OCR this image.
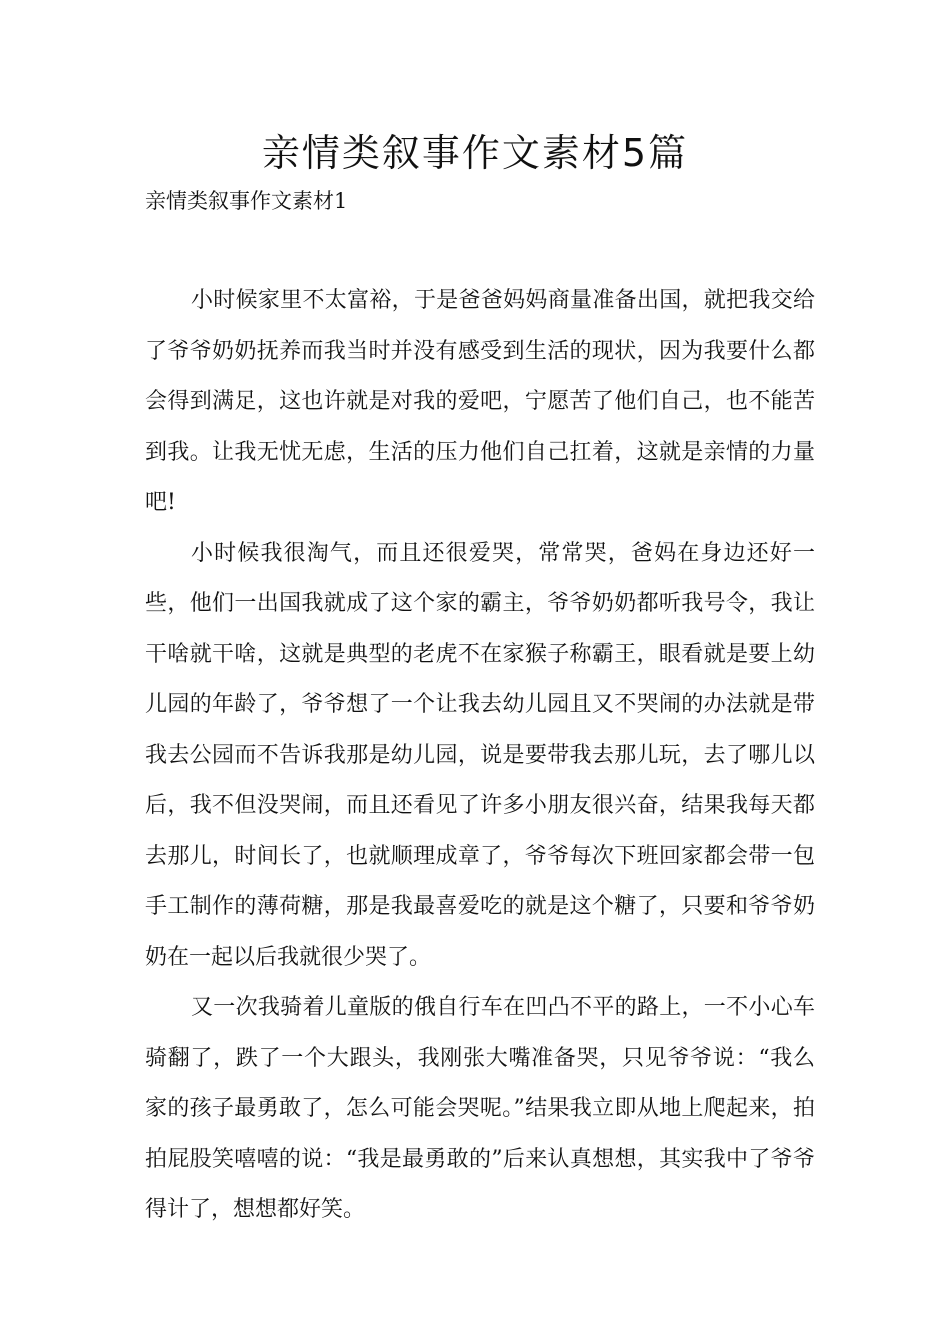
亲情类叙事作文素材5篇

亲情类叙事作文素材1

小时候家里不太富裕，于是爸爸妈妈商量准备出国，就把我交给了爷爷奶奶抚养而我当时并没有感受到生活的现状，因为我要什么都会得到满足，这也许就是对我的爱吧，宁愿苦了他们自己，也不能苦到我。让我无忧无虑，生活的压力他们自己扛着，这就是亲情的力量吧!

小时候我很淘气，而且还很爱哭，常常哭，爸妈在身边还好一些，他们一出国我就成了这个家的霸主，爷爷奶奶都听我号令，我让干啥就干啥，这就是典型的老虎不在家猴子称霸王，眼看就是要上幼儿园的年龄了，爷爷想了一个让我去幼儿园且又不哭闹的办法就是带我去公园而不告诉我那是幼儿园，说是要带我去那儿玩，去了哪儿以后，我不但没哭闹，而且还看见了许多小朋友很兴奋，结果我每天都去那儿，时间长了，也就顺理成章了，爷爷每次下班回家都会带一包手工制作的薄荷糖，那是我最喜爱吃的就是这个糖了，只要和爷爷奶奶在一起以后我就很少哭了。

又一次我骑着儿童版的俄自行车在凹凸不平的路上，一不小心车骑翻了，跌了一个大跟头，我刚张大嘴准备哭，只见爷爷说：“我么家的孩子最勇敢了，怎么可能会哭呢。”结果我立即从地上爬起来，拍拍屁股笑嘻嘻的说：“我是最勇敢的”后来认真想想，其实我中了爷爷得计了，想想都好笑。
